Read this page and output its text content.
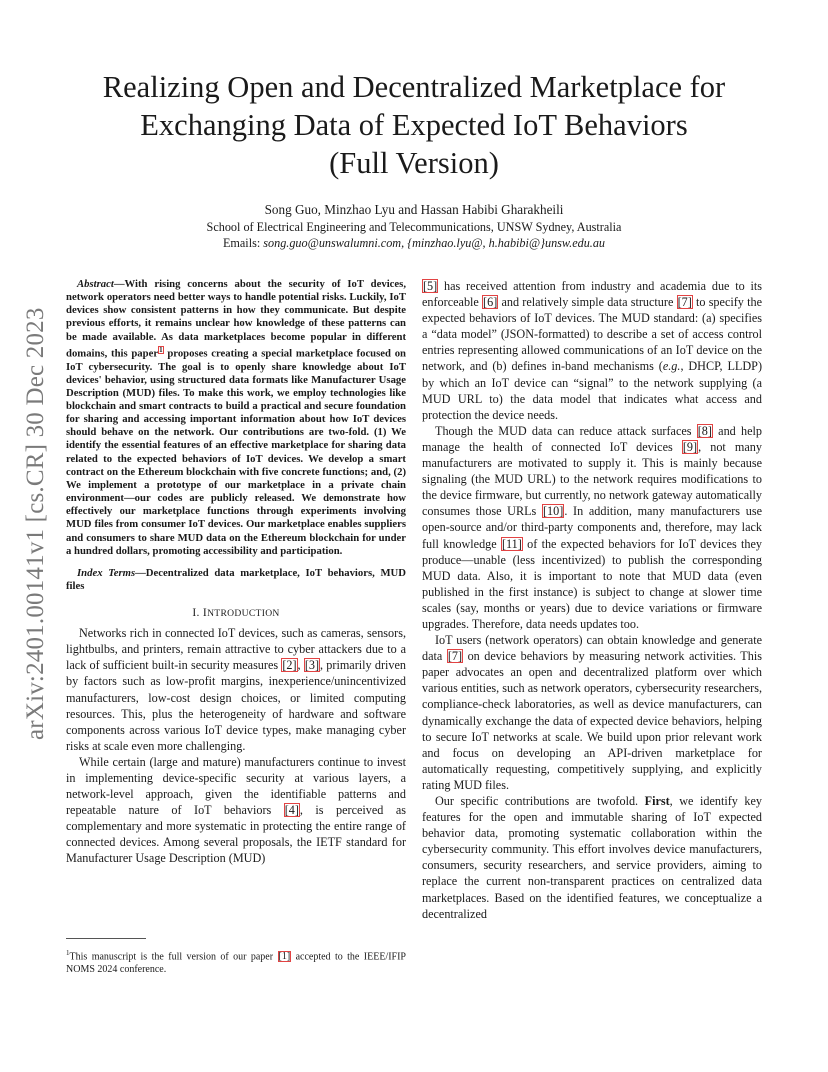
Realizing Open and Decentralized Marketplace for
Exchanging Data of Expected IoT Behaviors
(Full Version)
Song Guo, Minzhao Lyu and Hassan Habibi Gharakheili
School of Electrical Engineering and Telecommunications, UNSW Sydney, Australia
Emails: song.guo@unswalumni.com, {minzhao.lyu@, h.habibi@}unsw.edu.au
arXiv:2401.00141v1 [cs.CR] 30 Dec 2023

Abstract—With rising concerns about the security of IoT devices, network operators need better ways to handle potential risks. Luckily, IoT devices show consistent patterns in how they communicate. But despite previous efforts, it remains unclear how knowledge of these patterns can be made available. As data marketplaces become popular in different domains, this paper$^1$ proposes creating a special marketplace focused on IoT cybersecurity. The goal is to openly share knowledge about IoT devices' behavior, using structured data formats like Manufacturer Usage Description (MUD) files. To make this work, we employ technologies like blockchain and smart contracts to build a practical and secure foundation for sharing and accessing important information about how IoT devices should behave on the network. Our contributions are two-fold. (1) We identify the essential features of an effective marketplace for sharing data related to the expected behaviors of IoT devices. We develop a smart contract on the Ethereum blockchain with five concrete functions; and, (2) We implement a prototype of our marketplace in a private chain environment—our codes are publicly released. We demonstrate how effectively our marketplace functions through experiments involving MUD files from consumer IoT devices. Our marketplace enables suppliers and consumers to share MUD data on the Ethereum blockchain for under a hundred dollars, promoting accessibility and participation.

Index Terms—Decentralized data marketplace, IoT behaviors, MUD files

I. INTRODUCTION

Networks rich in connected IoT devices, such as cameras, sensors, lightbulbs, and printers, remain attractive to cyber attackers due to a lack of sufficient built-in security measures [2], [3], primarily driven by factors such as low-profit margins, inexperience/unincentivized manufacturers, low-cost design choices, or limited computing resources. This, plus the heterogeneity of hardware and software components across various IoT device types, make managing cyber risks at scale even more challenging.

While certain (large and mature) manufacturers continue to invest in implementing device-specific security at various layers, a network-level approach, given the identifiable patterns and repeatable nature of IoT behaviors [4], is perceived as complementary and more systematic in protecting the entire range of connected devices. Among several proposals, the IETF standard for Manufacturer Usage Description (MUD)

$^1$This manuscript is the full version of our paper [1] accepted to the IEEE/IFIP NOMS 2024 conference.

[5] has received attention from industry and academia due to its enforceable [6] and relatively simple data structure [7] to specify the expected behaviors of IoT devices. The MUD standard: (a) specifies a “data model” (JSON-formatted) to describe a set of access control entries representing allowed communications of an IoT device on the network, and (b) defines in-band mechanisms (e.g., DHCP, LLDP) by which an IoT device can “signal” to the network supplying (a MUD URL to) the data model that indicates what access and protection the device needs.

Though the MUD data can reduce attack surfaces [8] and help manage the health of connected IoT devices [9], not many manufacturers are motivated to supply it. This is mainly because signaling (the MUD URL) to the network requires modifications to the device firmware, but currently, no network gateway automatically consumes those URLs [10]. In addition, many manufacturers use open-source and/or third-party components and, therefore, may lack full knowledge [11] of the expected behaviors for IoT devices they produce—unable (less incentivized) to publish the corresponding MUD data. Also, it is important to note that MUD data (even published in the first instance) is subject to change at slower time scales (say, months or years) due to device variations or firmware upgrades. Therefore, data needs updates too.

IoT users (network operators) can obtain knowledge and generate data [7] on device behaviors by measuring network activities. This paper advocates an open and decentralized platform over which various entities, such as network operators, cybersecurity researchers, compliance-check laboratories, as well as device manufacturers, can dynamically exchange the data of expected device behaviors, helping to secure IoT networks at scale. We build upon prior relevant work and focus on developing an API-driven marketplace for automatically requesting, competitively supplying, and explicitly rating MUD files.

Our specific contributions are twofold. First, we identify key features for the open and immutable sharing of IoT expected behavior data, promoting systematic collaboration within the cybersecurity community. This effort involves device manufacturers, consumers, security researchers, and service providers, aiming to replace the current non-transparent practices on centralized data marketplaces. Based on the identified features, we conceptualize a decentralized
